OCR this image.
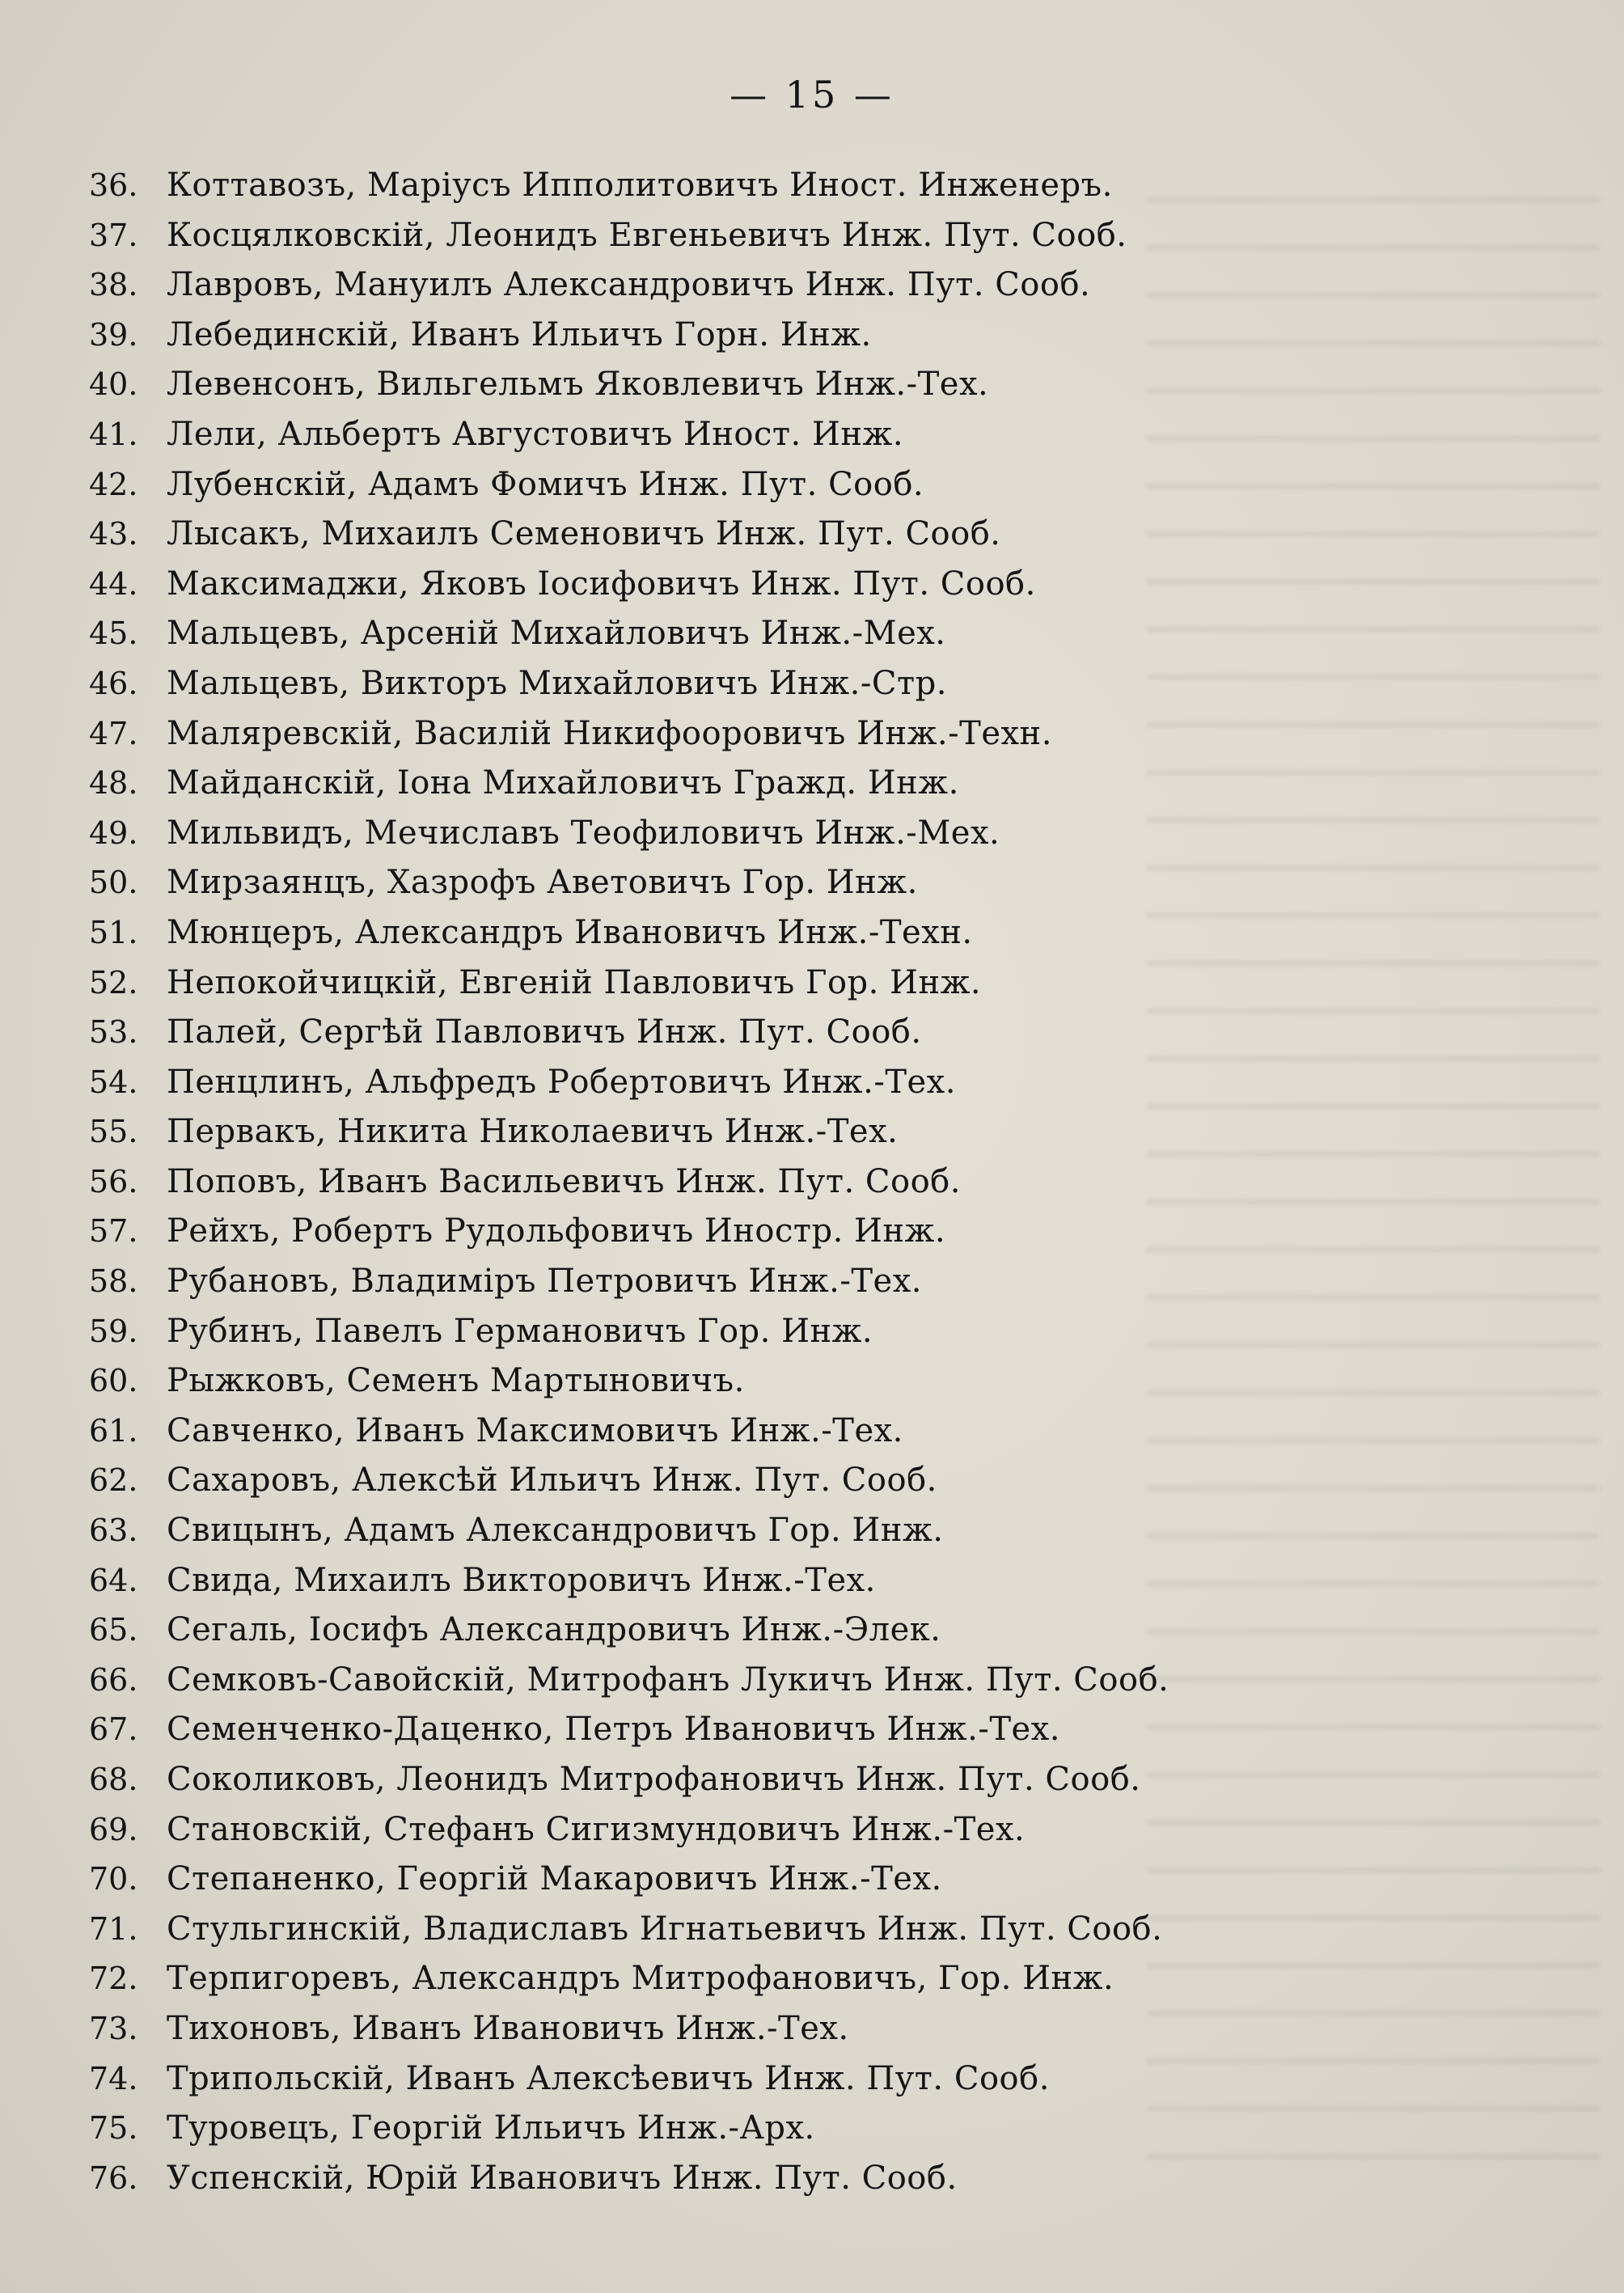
— 15 —
36. Коттавозъ, Маріусъ Ипполитовичъ Иност. Инженеръ.
37. Косцялковскій, Леонидъ Евгеньевичъ Инж. Пут. Сооб.
38. Лавровъ, Мануилъ Александровичъ Инж. Пут. Сооб.
39. Лебединскій, Иванъ Ильичъ Горн. Инж.
40. Левенсонъ, Вильгельмъ Яковлевичъ Инж.-Тех.
41. Лели, Альбертъ Августовичъ Иност. Инж.
42. Лубенскій, Адамъ Фомичъ Инж. Пут. Сооб.
43. Лысакъ, Михаилъ Семеновичъ Инж. Пут. Сооб.
44. Максимаджи, Яковъ Іосифовичъ Инж. Пут. Сооб.
45. Мальцевъ, Арсеній Михайловичъ Инж.-Мех.
46. Мальцевъ, Викторъ Михайловичъ Инж.-Стр.
47. Маляревскій, Василій Никифооровичъ Инж.-Техн.
48. Майданскій, Іона Михайловичъ Гражд. Инж.
49. Мильвидъ, Мечиславъ Теофиловичъ Инж.-Мех.
50. Мирзаянцъ, Хазрофъ Аветовичъ Гор. Инж.
51. Мюнцеръ, Александръ Ивановичъ Инж.-Техн.
52. Непокойчицкій, Евгеній Павловичъ Гор. Инж.
53. Палей, Сергѣй Павловичъ Инж. Пут. Сооб.
54. Пенцлинъ, Альфредъ Робертовичъ Инж.-Тех.
55. Первакъ, Никита Николаевичъ Инж.-Тех.
56. Поповъ, Иванъ Васильевичъ Инж. Пут. Сооб.
57. Рейхъ, Робертъ Рудольфовичъ Иностр. Инж.
58. Рубановъ, Владиміръ Петровичъ Инж.-Тех.
59. Рубинъ, Павелъ Германовичъ Гор. Инж.
60. Рыжковъ, Семенъ Мартыновичъ.
61. Савченко, Иванъ Максимовичъ Инж.-Тех.
62. Сахаровъ, Алексѣй Ильичъ Инж. Пут. Сооб.
63. Свицынъ, Адамъ Александровичъ Гор. Инж.
64. Свида, Михаилъ Викторовичъ Инж.-Тех.
65. Сегаль, Іосифъ Александровичъ Инж.-Элек.
66. Семковъ-Савойскій, Митрофанъ Лукичъ Инж. Пут. Сооб.
67. Семенченко-Даценко, Петръ Ивановичъ Инж.-Тех.
68. Соколиковъ, Леонидъ Митрофановичъ Инж. Пут. Сооб.
69. Становскій, Стефанъ Сигизмундовичъ Инж.-Тех.
70. Степаненко, Георгій Макаровичъ Инж.-Тех.
71. Стульгинскій, Владиславъ Игнатьевичъ Инж. Пут. Сооб.
72. Терпигоревъ, Александръ Митрофановичъ, Гор. Инж.
73. Тихоновъ, Иванъ Ивановичъ Инж.-Тех.
74. Трипольскій, Иванъ Алексѣевичъ Инж. Пут. Сооб.
75. Туровецъ, Георгій Ильичъ Инж.-Арх.
76. Успенскій, Юрій Ивановичъ Инж. Пут. Сооб.
